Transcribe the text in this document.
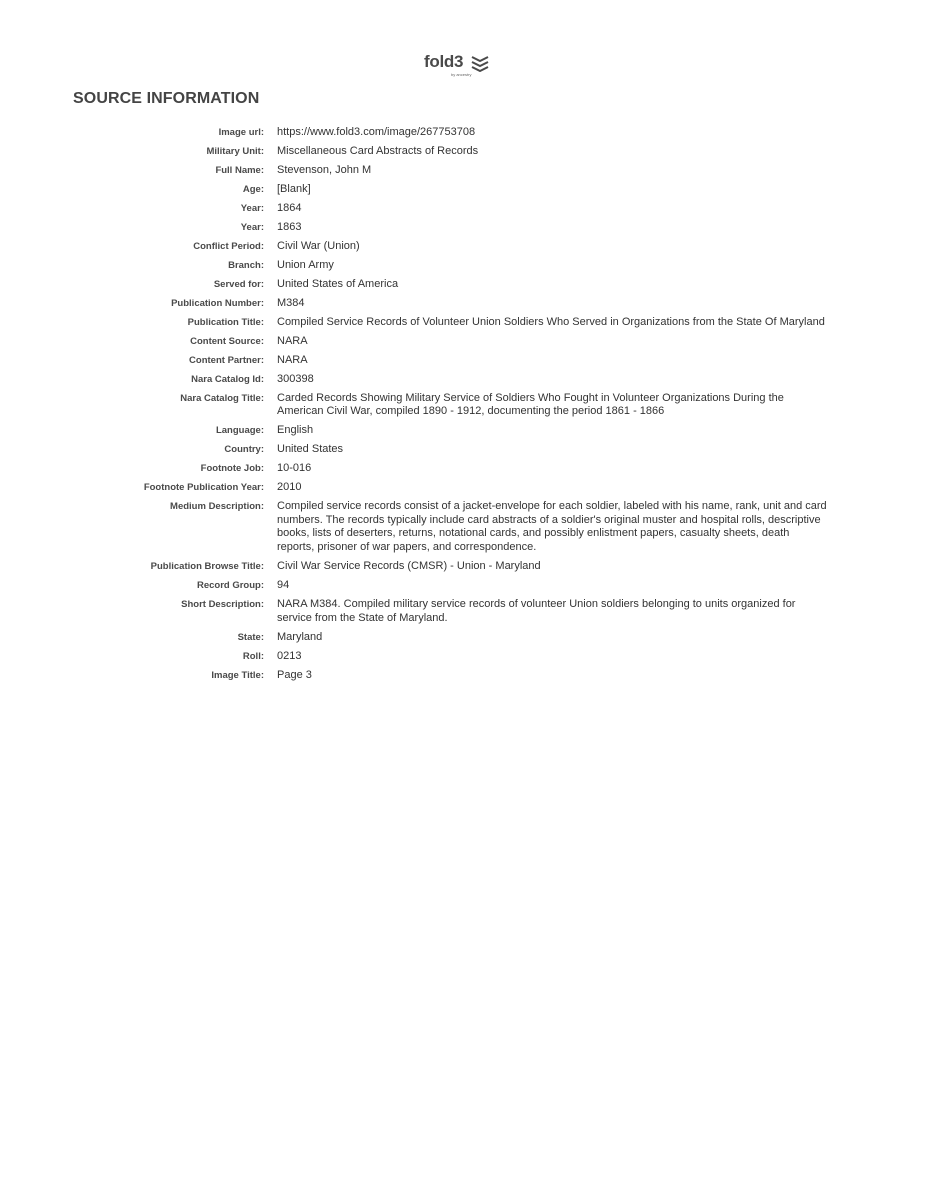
fold3
by ancestry
SOURCE INFORMATION
Image url: https://www.fold3.com/image/267753708
Military Unit: Miscellaneous Card Abstracts of Records
Full Name: Stevenson, John M
Age: [Blank]
Year: 1864
Year: 1863
Conflict Period: Civil War (Union)
Branch: Union Army
Served for: United States of America
Publication Number: M384
Publication Title: Compiled Service Records of Volunteer Union Soldiers Who Served in Organizations from the State Of Maryland
Content Source: NARA
Content Partner: NARA
Nara Catalog Id: 300398
Nara Catalog Title: Carded Records Showing Military Service of Soldiers Who Fought in Volunteer Organizations During the American Civil War, compiled 1890 - 1912, documenting the period 1861 - 1866
Language: English
Country: United States
Footnote Job: 10-016
Footnote Publication Year: 2010
Medium Description: Compiled service records consist of a jacket-envelope for each soldier, labeled with his name, rank, unit and card numbers. The records typically include card abstracts of a soldier's original muster and hospital rolls, descriptive books, lists of deserters, returns, notational cards, and possibly enlistment papers, casualty sheets, death reports, prisoner of war papers, and correspondence.
Publication Browse Title: Civil War Service Records (CMSR) - Union - Maryland
Record Group: 94
Short Description: NARA M384. Compiled military service records of volunteer Union soldiers belonging to units organized for service from the State of Maryland.
State: Maryland
Roll: 0213
Image Title: Page 3
